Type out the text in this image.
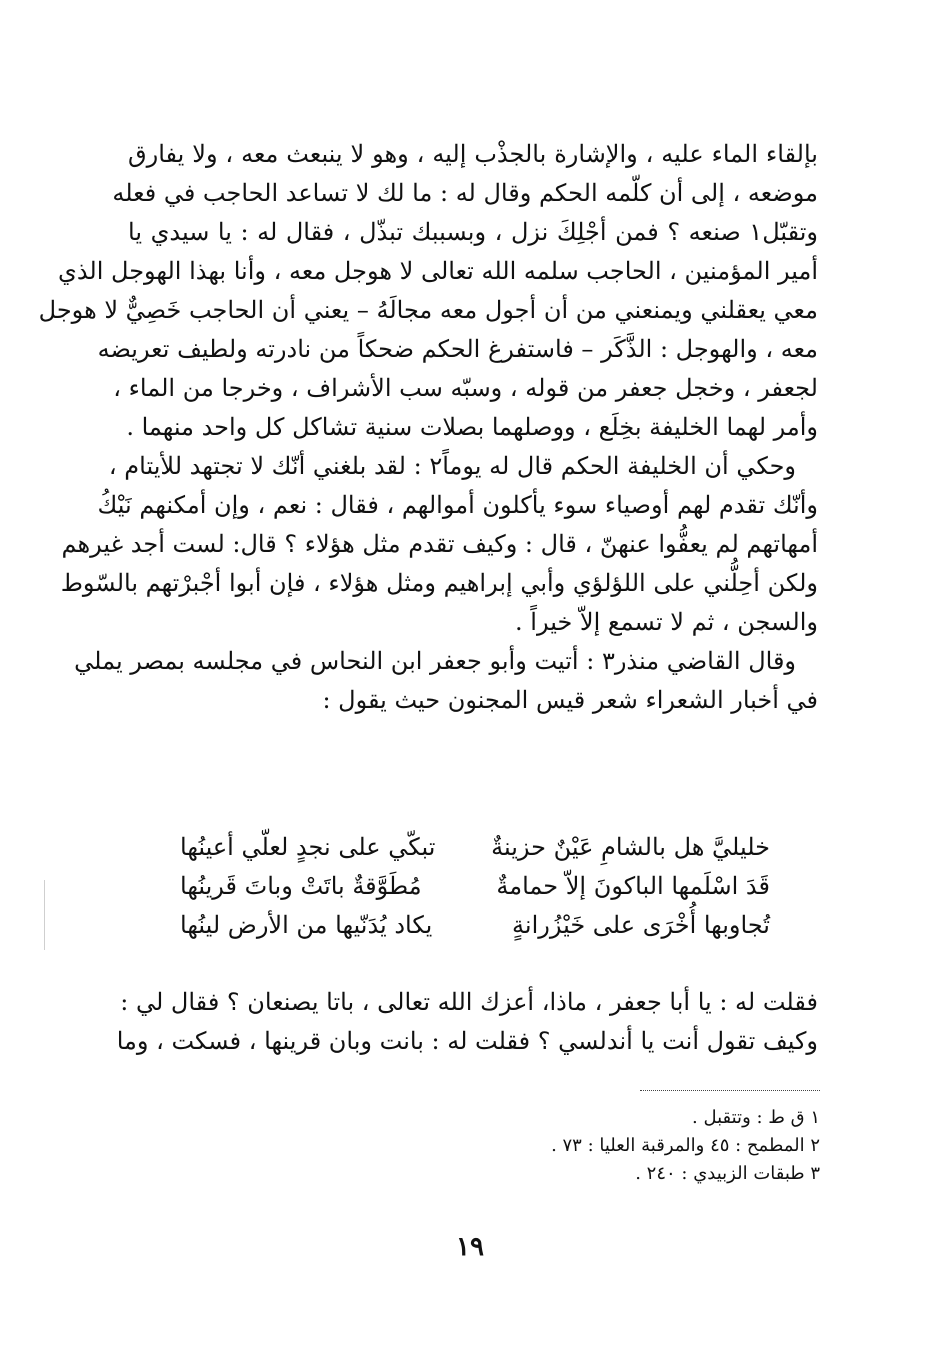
بإلقاء الماء عليه ، والإشارة بالجذْب إليه ، وهو لا ينبعث معه ، ولا يفارق
موضعه ، إلى أن كلّمه الحكم وقال له : ما لك لا تساعد الحاجب في فعله
وتقبّل١ صنعه ؟ فمن أجْلِكَ نزل ، وبسببك تبذّل ، فقال له : يا سيدي يا
أمير المؤمنين ، الحاجب سلمه الله تعالى لا هوجل معه ، وأنا بهذا الهوجل الذي
معي يعقلني ويمنعني من أن أجول معه مجالَهُ – يعني أن الحاجب خَصِيٌّ لا هوجل
معه ، والهوجل : الذَّكَر – فاستفرغ الحكم ضحكاً من نادرته ولطيف تعريضه
لجعفر ، وخجل جعفر من قوله ، وسبّه سب الأشراف ، وخرجا من الماء ،
وأمر لهما الخليفة بخِلَع ، ووصلهما بصلات سنية تشاكل كل واحد منهما .
وحكي أن الخليفة الحكم قال له يوماً٢ : لقد بلغني أنّك لا تجتهد للأيتام ،
وأنّك تقدم لهم أوصياء سوء يأكلون أموالهم ، فقال : نعم ، وإن أمكنهم نَيْكُ
أمهاتهم لم يعفُّوا عنهنّ ، قال : وكيف تقدم مثل هؤلاء ؟ قال: لست أجد غيرهم
ولكن أحِلُّني على اللؤلؤي وأبي إبراهيم ومثل هؤلاء ، فإن أبوا أجْبرْتهم بالسّوط
والسجن ، ثم لا تسمع إلاّ خيراً .
وقال القاضي منذر٣ : أتيت وأبو جعفر ابن النحاس في مجلسه بمصر يملي
في أخبار الشعراء شعر قيس المجنون حيث يقول :
خليليَّ هل بالشامِ عَيْنٌ حزينةٌ
تبكّي على نجدٍ لعلّي أعينُها
قَدَ اسْلَمها الباكونَ إلاّ حمامةٌ
مُطَوَّقةٌ باتَتْ وباتَ قَرينُها
تُجاوبها أُخْرَى على خَيْزُرانةٍ
يكاد يُدَنّيها من الأرض لينُها
فقلت له : يا أبا جعفر ، ماذا، أعزك الله تعالى ، باتا يصنعان ؟ فقال لي :
وكيف تقول أنت يا أندلسي ؟ فقلت له : بانت وبان قرينها ، فسكت ، وما
١ ق ط : وتتقبل .
٢ المطمح : ٤٥ والمرقبة العليا : ٧٣ .
٣ طبقات الزبيدي : ٢٤٠ .
١٩
